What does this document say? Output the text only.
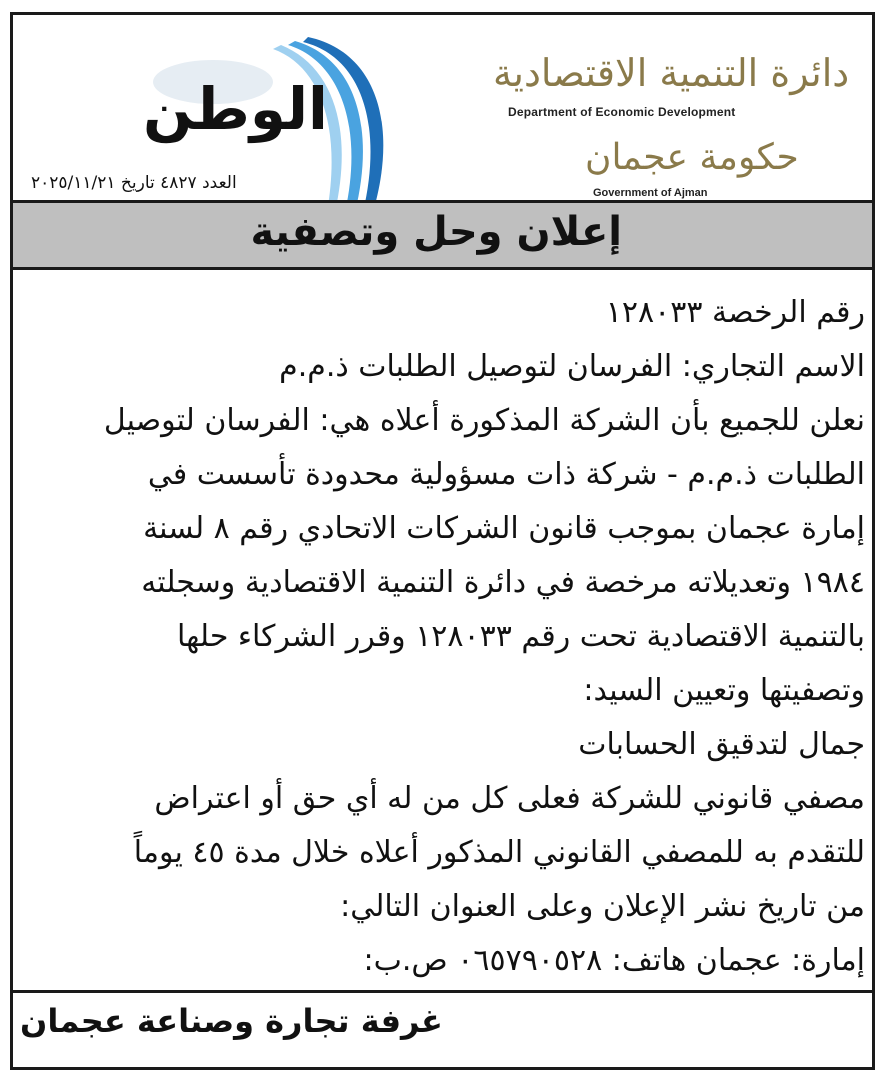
الوطن
العدد ٤٨٢٧ تاريخ ٢٠٢٥/١١/٢١
دائرة التنمية الاقتصادية
Department of Economic Development
حكومة عجمان
Government of Ajman
إعلان وحل وتصفية
رقم الرخصة ١٢٨٠٣٣
الاسم التجاري: الفرسان لتوصيل الطلبات ذ.م.م
نعلن للجميع بأن الشركة المذكورة أعلاه هي: الفرسان لتوصيل
الطلبات ذ.م.م - شركة ذات مسؤولية محدودة تأسست في
إمارة عجمان بموجب قانون الشركات الاتحادي رقم ٨ لسنة
١٩٨٤ وتعديلاته مرخصة في دائرة التنمية الاقتصادية وسجلته
بالتنمية الاقتصادية تحت رقم ١٢٨٠٣٣ وقرر الشركاء حلها
وتصفيتها وتعيين السيد:
جمال لتدقيق الحسابات
مصفي قانوني للشركة فعلى كل من له أي حق أو اعتراض
للتقدم به للمصفي القانوني المذكور أعلاه خلال مدة ٤٥ يوماً
من تاريخ نشر الإعلان وعلى العنوان التالي:
إمارة: عجمان هاتف: ٠٦٥٧٩٠٥٢٨ ص.ب:
غرفة تجارة وصناعة عجمان
